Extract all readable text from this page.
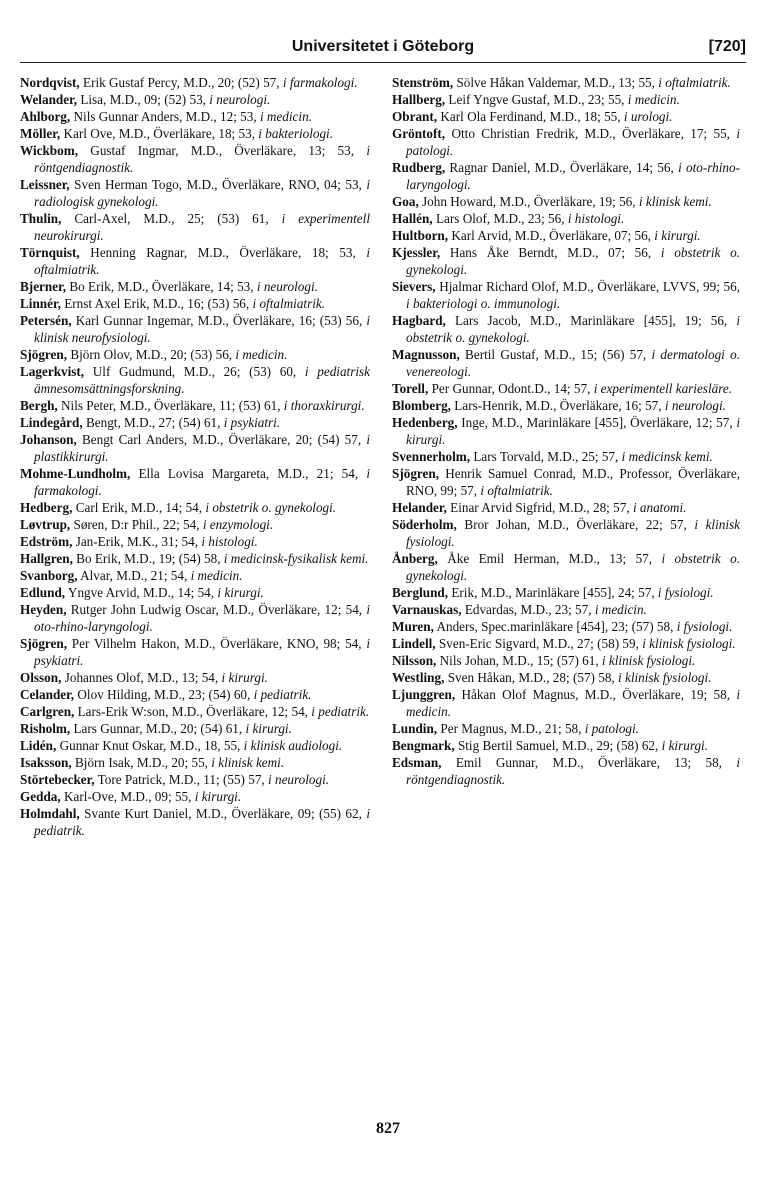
Universitetet i Göteborg	[720]

Nordqvist, Erik Gustaf Percy, M.D., 20; (52) 57, i farmakologi.

Welander, Lisa, M.D., 09; (52) 53, i neurologi.

Ahlborg, Nils Gunnar Anders, M.D., 12; 53, i medicin.

Möller, Karl Ove, M.D., Överläkare, 18; 53, i bakteriologi.

Wickbom, Gustaf Ingmar, M.D., Överläkare, 13; 53, i röntgendiagnostik.

Leissner, Sven Herman Togo, M.D., Överläkare, RNO, 04; 53, i radiologisk gynekologi.

Thulin, Carl-Axel, M.D., 25; (53) 61, i experimentell neurokirurgi.

Törnquist, Henning Ragnar, M.D., Överläkare, 18; 53, i oftalmiatrik.

Bjerner, Bo Erik, M.D., Överläkare, 14; 53, i neurologi.

Linnér, Ernst Axel Erik, M.D., 16; (53) 56, i oftalmiatrik.

Petersén, Karl Gunnar Ingemar, M.D., Överläkare, 16; (53) 56, i klinisk neurofysiologi.

Sjögren, Björn Olov, M.D., 20; (53) 56, i medicin.

Lagerkvist, Ulf Gudmund, M.D., 26; (53) 60, i pediatrisk ämnesomsättningsforskning.

Bergh, Nils Peter, M.D., Överläkare, 11; (53) 61, i thoraxkirurgi.

Lindegård, Bengt, M.D., 27; (54) 61, i psykiatri.

Johanson, Bengt Carl Anders, M.D., Överläkare, 20; (54) 57, i plastikkirurgi.

Mohme-Lundholm, Ella Lovisa Margareta, M.D., 21; 54, i farmakologi.

Hedberg, Carl Erik, M.D., 14; 54, i obstetrik o. gynekologi.

Løvtrup, Søren, D:r Phil., 22; 54, i enzymologi.

Edström, Jan-Erik, M.K., 31; 54, i histologi.

Hallgren, Bo Erik, M.D., 19; (54) 58, i medicinsk-fysikalisk kemi.

Svanborg, Alvar, M.D., 21; 54, i medicin.

Edlund, Yngve Arvid, M.D., 14; 54, i kirurgi.

Heyden, Rutger John Ludwig Oscar, M.D., Överläkare, 12; 54, i oto-rhino-laryngologi.

Sjögren, Per Vilhelm Hakon, M.D., Överläkare, KNO, 98; 54, i psykiatri.

Olsson, Johannes Olof, M.D., 13; 54, i kirurgi.

Celander, Olov Hilding, M.D., 23; (54) 60, i pediatrik.

Carlgren, Lars-Erik W:son, M.D., Överläkare, 12; 54, i pediatrik.

Risholm, Lars Gunnar, M.D., 20; (54) 61, i kirurgi.

Lidén, Gunnar Knut Oskar, M.D., 18, 55, i klinisk audiologi.

Isaksson, Björn Isak, M.D., 20; 55, i klinisk kemi.

Störtebecker, Tore Patrick, M.D., 11; (55) 57, i neurologi.

Gedda, Karl-Ove, M.D., 09; 55, i kirurgi.

Holmdahl, Svante Kurt Daniel, M.D., Överläkare, 09; (55) 62, i pediatrik.

Stenström, Sölve Håkan Valdemar, M.D., 13; 55, i oftalmiatrik.

Hallberg, Leif Yngve Gustaf, M.D., 23; 55, i medicin.

Obrant, Karl Ola Ferdinand, M.D., 18; 55, i urologi.

Gröntoft, Otto Christian Fredrik, M.D., Överläkare, 17; 55, i patologi.

Rudberg, Ragnar Daniel, M.D., Överläkare, 14; 56, i oto-rhino-laryngologi.

Goa, John Howard, M.D., Överläkare, 19; 56, i klinisk kemi.

Hallén, Lars Olof, M.D., 23; 56, i histologi.

Hultborn, Karl Arvid, M.D., Överläkare, 07; 56, i kirurgi.

Kjessler, Hans Åke Berndt, M.D., 07; 56, i obstetrik o. gynekologi.

Sievers, Hjalmar Richard Olof, M.D., Överläkare, LVVS, 99; 56, i bakteriologi o. immunologi.

Hagbard, Lars Jacob, M.D., Marinläkare [455], 19; 56, i obstetrik o. gynekologi.

Magnusson, Bertil Gustaf, M.D., 15; (56) 57, i dermatologi o. venereologi.

Torell, Per Gunnar, Odont.D., 14; 57, i experimentell kariesläre.

Blomberg, Lars-Henrik, M.D., Överläkare, 16; 57, i neurologi.

Hedenberg, Inge, M.D., Marinläkare [455], Överläkare, 12; 57, i kirurgi.

Svennerholm, Lars Torvald, M.D., 25; 57, i medicinsk kemi.

Sjögren, Henrik Samuel Conrad, M.D., Professor, Överläkare, RNO, 99; 57, i oftalmiatrik.

Helander, Einar Arvid Sigfrid, M.D., 28; 57, i anatomi.

Söderholm, Bror Johan, M.D., Överläkare, 22; 57, i klinisk fysiologi.

Ånberg, Åke Emil Herman, M.D., 13; 57, i obstetrik o. gynekologi.

Berglund, Erik, M.D., Marinläkare [455], 24; 57, i fysiologi.

Varnauskas, Edvardas, M.D., 23; 57, i medicin.

Muren, Anders, Spec.marinläkare [454], 23; (57) 58, i fysiologi.

Lindell, Sven-Eric Sigvard, M.D., 27; (58) 59, i klinisk fysiologi.

Nilsson, Nils Johan, M.D., 15; (57) 61, i klinisk fysiologi.

Westling, Sven Håkan, M.D., 28; (57) 58, i klinisk fysiologi.

Ljunggren, Håkan Olof Magnus, M.D., Överläkare, 19; 58, i medicin.

Lundin, Per Magnus, M.D., 21; 58, i patologi.

Bengmark, Stig Bertil Samuel, M.D., 29; (58) 62, i kirurgi.

Edsman, Emil Gunnar, M.D., Överläkare, 13; 58, i röntgendiagnostik.

827
